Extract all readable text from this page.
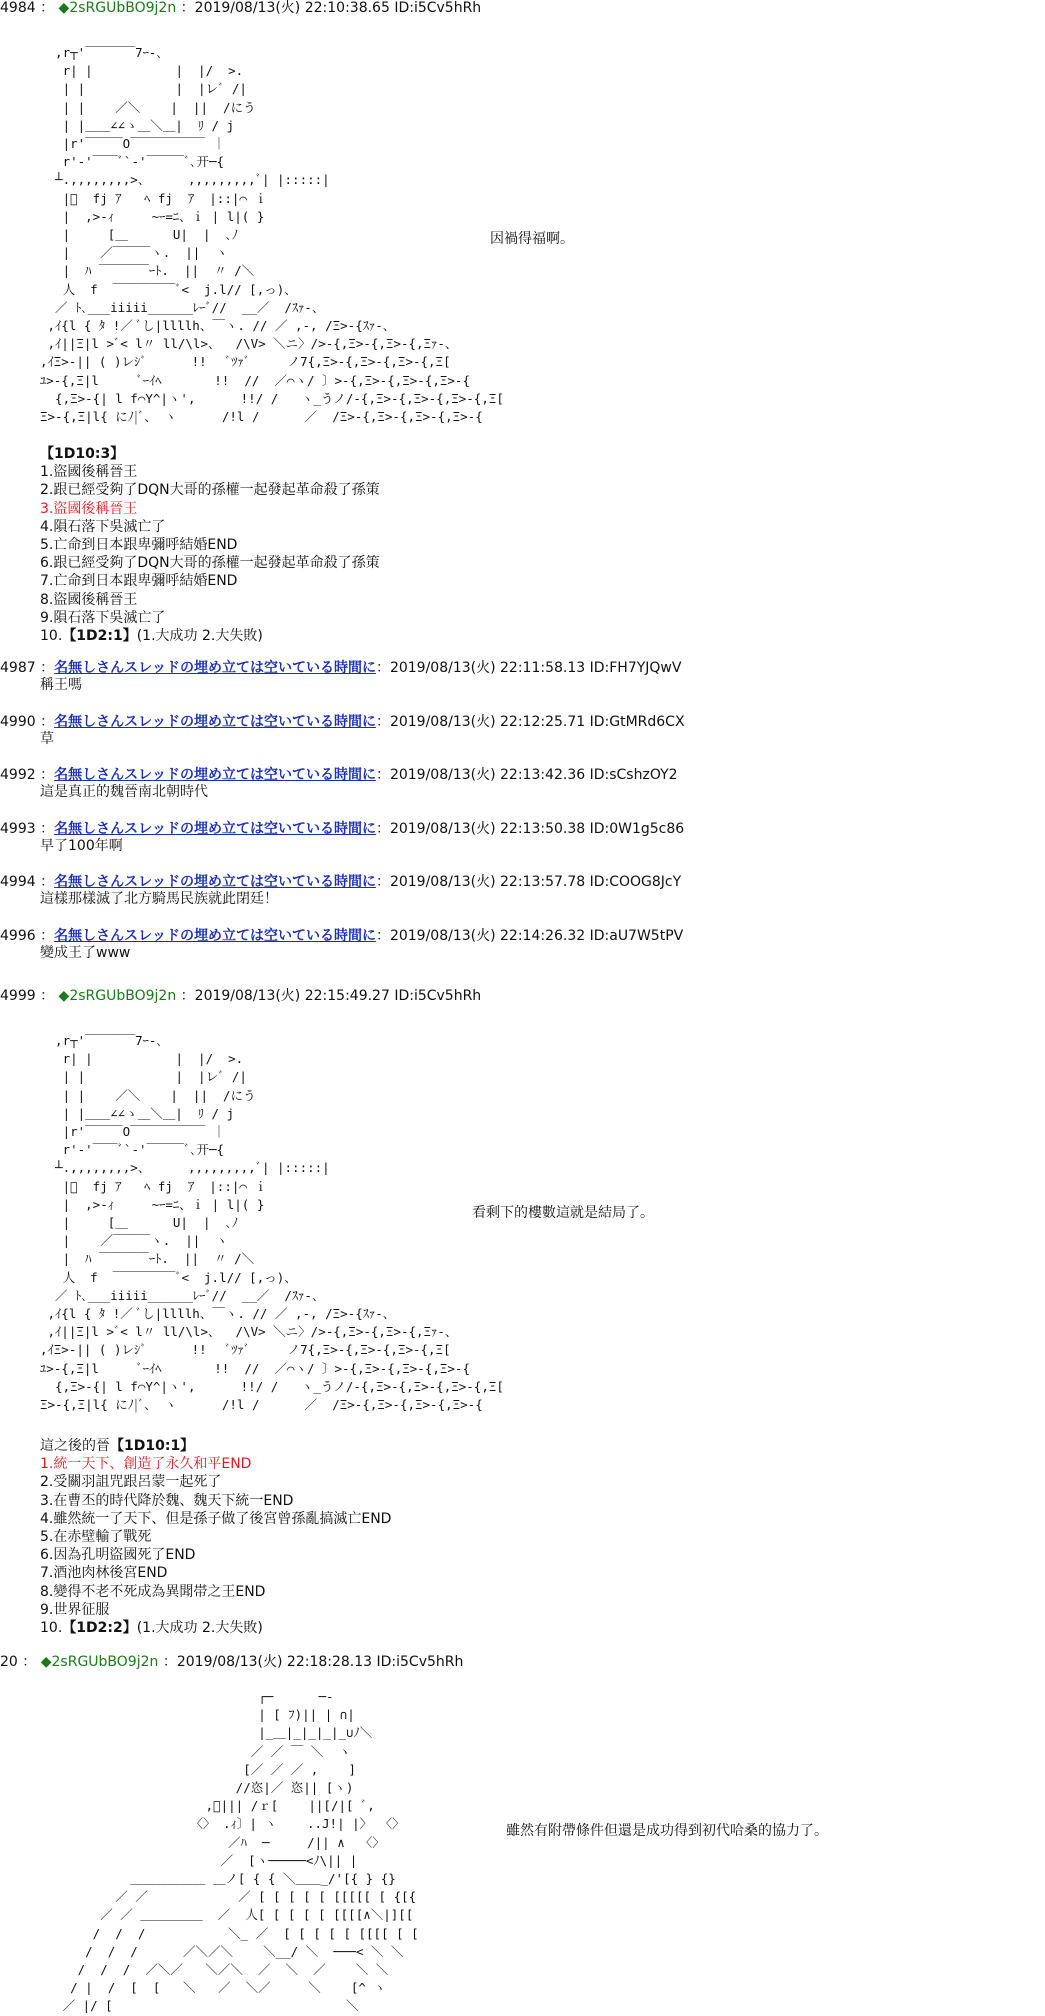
4984 ： ◆2sRGUbBO9j2n ：2019/08/13(火) 22:10:38.65 ID:i5Cv5hRh
,r┬'￣￣￣￣7ｰ-､
r| |           |  |/  >.
| |            |  |レﾞ /|
| |    ／＼    |  ||  /にう
| |＿＿∠∠ゝ＿＼＿|  ﾘ / j
|r'￣￣￣O￣￣￣￣￣￣ ｜
r'‐'￣￣ﾞ`‐'￣￣￣ﾞ､开─{
┴.,,,,,,,,>、     ,,,,,,,,,ﾞ| |:::::|
|ﾞ  fj ｱ   ﾍ fj  ｱ  |::|⌒ ｉ
|  ,>-ｨ     ~ｰ=ﾆ、ｉ | l|( }
|     [＿      U|  |  ､ﾉ
|    ／￣￣￣ヽ.  ||  ヽ
|  ﾊ ￣￣￣￣ｰﾄ.  ||  〃 /＼
人  f  ￣￣￣￣￣ﾞ<  j.l// [,っ)、
／ ﾄ､___iiiii______ﾚｰﾞ//  __／  /ｽｧ-、
,ｲ{l { ﾀ !／ ﾞし|llllh、￣ヽ. // ／ ,-, /Ξ>-{ｽｧ-、
,ｲ||Ξ|l >ﾞ< l〃 ll/\l>、  /\V> ＼ニ〉/>-{,Ξ>-{,Ξ>-{,Ξｧ-、
,ｲΞ>-|| ( )レｼﾞ      !!   ﾞﾂｧﾞ     ノ7{,Ξ>-{,Ξ>-{,Ξ>-{,Ξ[
ﾕ>-{,Ξ|l     ﾞｰｲﾍ       !!  //  ／⌒ヽ/ 〕>-{,Ξ>-{,Ξ>-{,Ξ>-{
{,Ξ>-{| l f⌒Y^|ヽ',      !!/ /   ヽ_うノ/-{,Ξ>-{,Ξ>-{,Ξ>-{,Ξ[
Ξ>-{,Ξ|l{ にﾉ|ﾞ、 ヽ      /!l /      ／  /Ξ>-{,Ξ>-{,Ξ>-{,Ξ>-{
因禍得福啊。
【1D10:3】
1.盜國後稱晉王
2.跟已經受夠了DQN大哥的孫權一起發起革命殺了孫策
3.盜國後稱晉王
4.隕石落下吳滅亡了
5.亡命到日本跟卑彌呼結婚END
6.跟已經受夠了DQN大哥的孫權一起發起革命殺了孫策
7.亡命到日本跟卑彌呼結婚END
8.盜國後稱晉王
9.隕石落下吳滅亡了
10.【1D2:1】(1.大成功 2.大失敗)
4987 ：名無しさんスレッドの埋め立ては空いている時間に：2019/08/13(火) 22:11:58.13 ID:FH7YJQwV
稱王嗎
4990 ：名無しさんスレッドの埋め立ては空いている時間に：2019/08/13(火) 22:12:25.71 ID:GtMRd6CX
草
4992 ：名無しさんスレッドの埋め立ては空いている時間に：2019/08/13(火) 22:13:42.36 ID:sCshzOY2
這是真正的魏晉南北朝時代
4993 ：名無しさんスレッドの埋め立ては空いている時間に：2019/08/13(火) 22:13:50.38 ID:0W1g5c86
早了100年啊
4994 ：名無しさんスレッドの埋め立ては空いている時間に：2019/08/13(火) 22:13:57.78 ID:COOG8JcY
這樣那樣滅了北方騎馬民族就此閉廷！
4996 ：名無しさんスレッドの埋め立ては空いている時間に：2019/08/13(火) 22:14:26.32 ID:aU7W5tPV
變成王了www
4999 ： ◆2sRGUbBO9j2n ：2019/08/13(火) 22:15:49.27 ID:i5Cv5hRh
,r┬'￣￣￣￣7ｰ-､
r| |           |  |/  >.
| |            |  |レﾞ /|
| |    ／＼    |  ||  /にう
| |＿＿∠∠ゝ＿＼＿|  ﾘ / j
|r'￣￣￣O￣￣￣￣￣￣ ｜
r'‐'￣￣ﾞ`‐'￣￣￣ﾞ､开─{
┴.,,,,,,,,>、     ,,,,,,,,,ﾞ| |:::::|
|ﾞ  fj ｱ   ﾍ fj  ｱ  |::|⌒ ｉ
|  ,>-ｨ     ~ｰ=ﾆ、ｉ | l|( }
|     [＿      U|  |  ､ﾉ
|    ／￣￣￣ヽ.  ||  ヽ
|  ﾊ ￣￣￣￣ｰﾄ.  ||  〃 /＼
人  f  ￣￣￣￣￣ﾞ<  j.l// [,っ)、
／ ﾄ､___iiiii______ﾚｰﾞ//  __／  /ｽｧ-、
,ｲ{l { ﾀ !／ ﾞし|llllh、￣ヽ. // ／ ,-, /Ξ>-{ｽｧ-、
,ｲ||Ξ|l >ﾞ< l〃 ll/\l>、  /\V> ＼ニ〉/>-{,Ξ>-{,Ξ>-{,Ξｧ-、
,ｲΞ>-|| ( )レｼﾞ      !!   ﾞﾂｧﾞ     ノ7{,Ξ>-{,Ξ>-{,Ξ>-{,Ξ[
ﾕ>-{,Ξ|l     ﾞｰｲﾍ       !!  //  ／⌒ヽ/ 〕>-{,Ξ>-{,Ξ>-{,Ξ>-{
{,Ξ>-{| l f⌒Y^|ヽ',      !!/ /   ヽ_うノ/-{,Ξ>-{,Ξ>-{,Ξ>-{,Ξ[
Ξ>-{,Ξ|l{ にﾉ|ﾞ、 ヽ      /!l /      ／  /Ξ>-{,Ξ>-{,Ξ>-{,Ξ>-{
看剩下的樓數這就是結局了。
這之後的晉【1D10:1】
1.統一天下、創造了永久和平END
2.受關羽詛咒跟呂蒙一起死了
3.在曹丕的時代降於魏、魏天下統一END
4.雖然統一了天下、但是孫子做了後宮曾孫亂搞滅亡END
5.在赤壁輸了戰死
6.因為孔明盜國死了END
7.酒池肉林後宮END
8.變得不老不死成為異聞帯之王END
9.世界征服
10.【1D2:2】(1.大成功 2.大失敗)
20 ： ◆2sRGUbBO9j2n ：2019/08/13(火) 22:18:28.13 ID:i5Cv5hRh
┌─      ─-
| [ ﾌ)|| | ∩|
|_＿|_|_|_|_∪ﾉ＼
／ ／ ￣ ＼  ヽ
[／ ／ ／ ,    ]
//恣|／ 恣|| [ヽ)
,ﾞ||| /ｒ[    ||[/|[ ﾞ,
〈〉 .ｨ〕| ヽ    ..J!| |〉 〈〉
／ﾊ  ─     /|| ∧  〈〉
／  [ヽ─────<ﾉ\|| |
＿＿＿＿＿＿ ＿ノ[ { { ＼＿＿_/'[{ } {}
／ ／            ／ [ [ [ [ [ [[[[[ [ {[{
／ ／ ＿＿＿＿＿  ／  人[ [ [ [ [ [[[[∧＼|][[
/  /  /           ＼_ ／  [ [ [ [ [ [[[[ [ [
/  /  /      ／＼／＼    ＼__/ ＼  ───< ＼ ＼
/  /  /  ／＼／   ＼／＼  ／  ＼  ／    ＼ ＼
/ |  /  [  [   ＼   ／  ＼／     ＼    [^ ヽ
／ |/ [                               ＼
雖然有附帶條件但還是成功得到初代哈桑的協力了。
